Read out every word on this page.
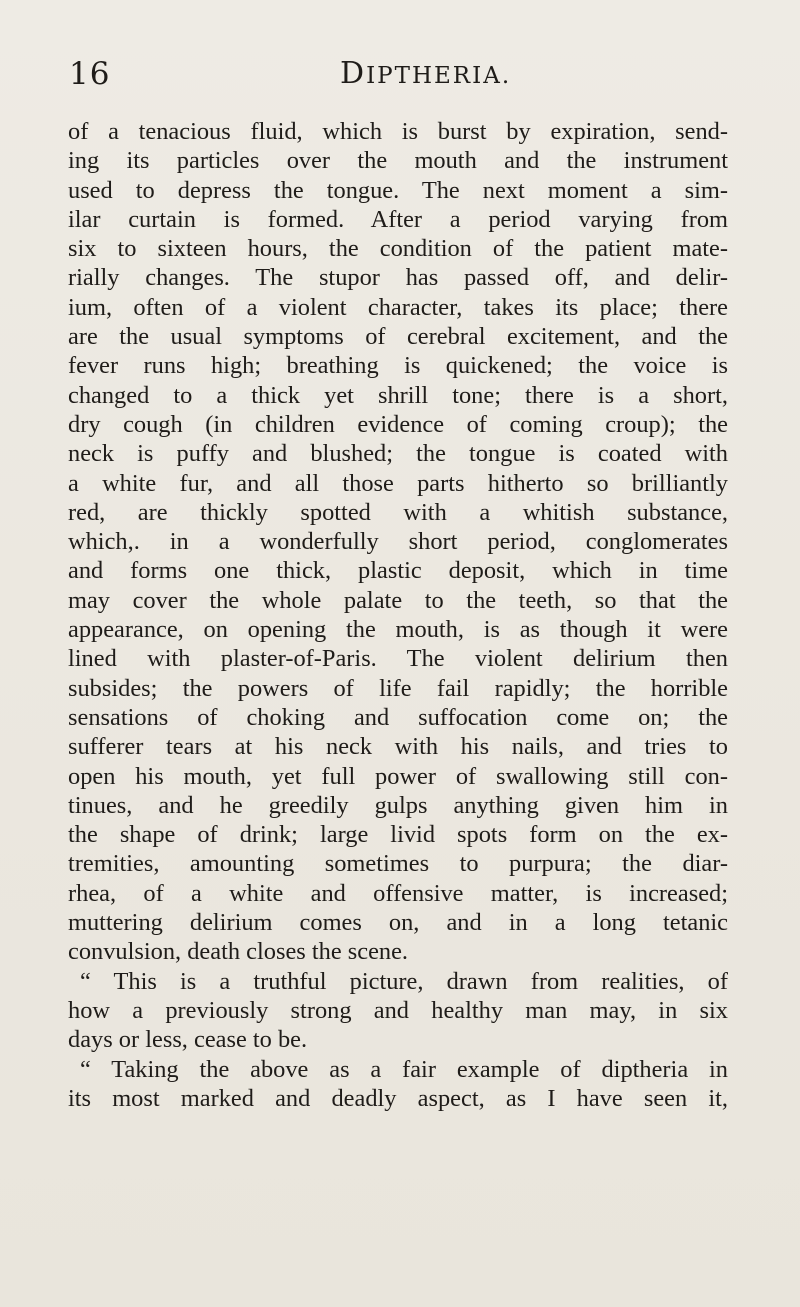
16	DIPTHERIA.
of a tenacious fluid, which is burst by expiration, send-
ing its particles over the mouth and the instrument
used to depress the tongue. The next moment a sim-
ilar curtain is formed. After a period varying from
six to sixteen hours, the condition of the patient mate-
rially changes. The stupor has passed off, and delir-
ium, often of a violent character, takes its place; there
are the usual symptoms of cerebral excitement, and the
fever runs high; breathing is quickened; the voice is
changed to a thick yet shrill tone; there is a short,
dry cough (in children evidence of coming croup); the
neck is puffy and blushed; the tongue is coated with
a white fur, and all those parts hitherto so brilliantly
red, are thickly spotted with a whitish substance,
which,. in a wonderfully short period, conglomerates
and forms one thick, plastic deposit, which in time
may cover the whole palate to the teeth, so that the
appearance, on opening the mouth, is as though it were
lined with plaster-of-Paris. The violent delirium then
subsides; the powers of life fail rapidly; the horrible
sensations of choking and suffocation come on; the
sufferer tears at his neck with his nails, and tries to
open his mouth, yet full power of swallowing still con-
tinues, and he greedily gulps anything given him in
the shape of drink; large livid spots form on the ex-
tremities, amounting sometimes to purpura; the diar-
rhea, of a white and offensive matter, is increased;
muttering delirium comes on, and in a long tetanic
convulsion, death closes the scene.
“ This is a truthful picture, drawn from realities, of
how a previously strong and healthy man may, in six
days or less, cease to be.
“ Taking the above as a fair example of diptheria in
its most marked and deadly aspect, as I have seen it,
